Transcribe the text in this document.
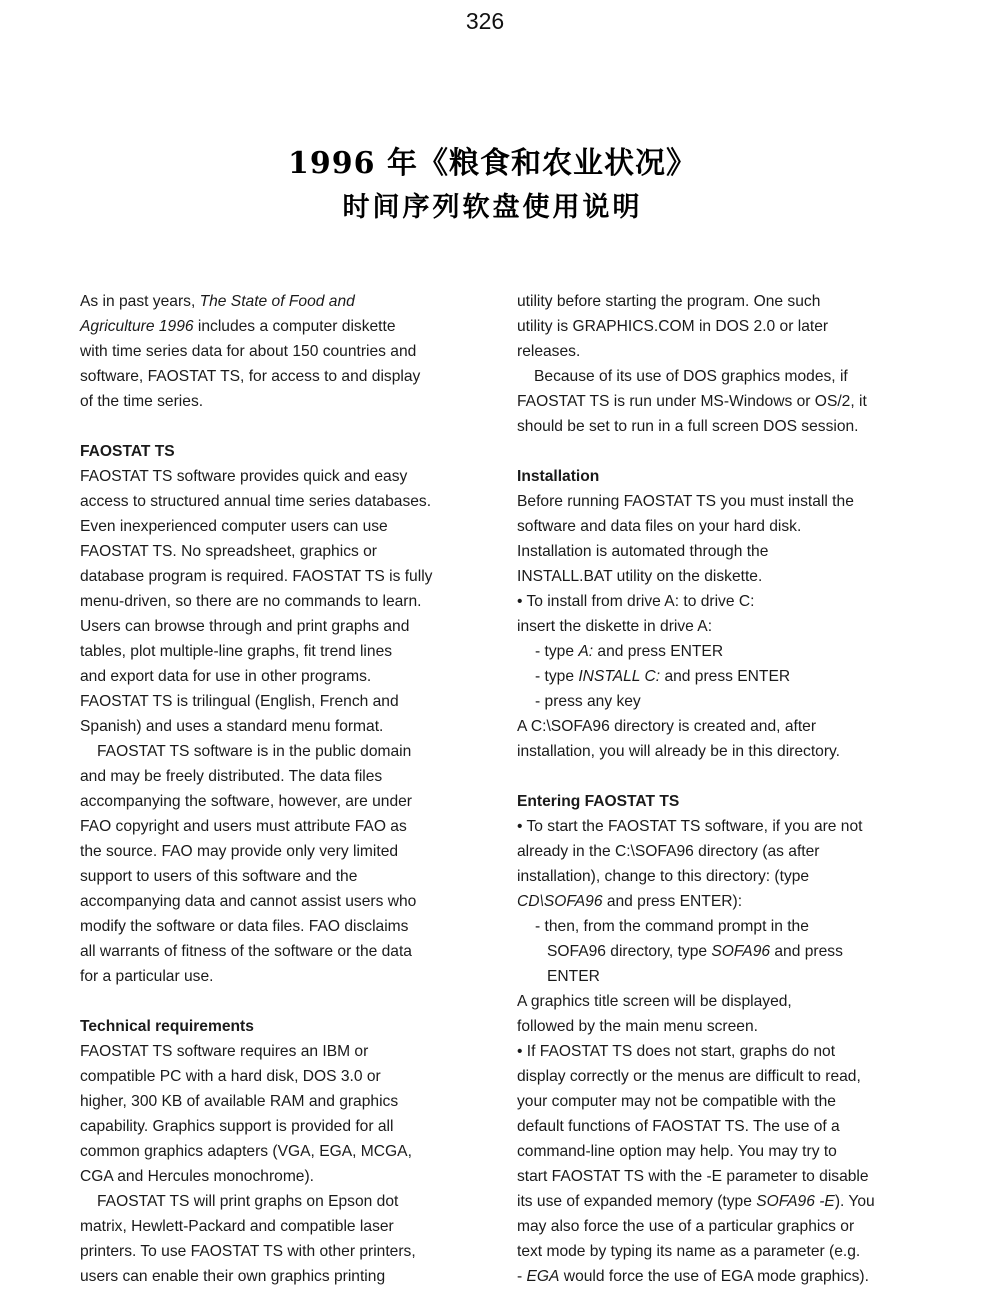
326
1996 年《粮食和农业状况》
时间序列软盘使用说明
As in past years, The State of Food and
Agriculture 1996 includes a computer diskette
with time series data for about 150 countries and
software, FAOSTAT TS, for access to and display
of the time series.
FAOSTAT TS
FAOSTAT TS software provides quick and easy
access to structured annual time series databases.
Even inexperienced computer users can use
FAOSTAT TS. No spreadsheet, graphics or
database program is required. FAOSTAT TS is fully
menu-driven, so there are no commands to learn.
Users can browse through and print graphs and
tables, plot multiple-line graphs, fit trend lines
and export data for use in other programs.
FAOSTAT TS is trilingual (English, French and
Spanish) and uses a standard menu format.
FAOSTAT TS software is in the public domain
and may be freely distributed. The data files
accompanying the software, however, are under
FAO copyright and users must attribute FAO as
the source. FAO may provide only very limited
support to users of this software and the
accompanying data and cannot assist users who
modify the software or data files. FAO disclaims
all warrants of fitness of the software or the data
for a particular use.
Technical requirements
FAOSTAT TS software requires an IBM or
compatible PC with a hard disk, DOS 3.0 or
higher, 300 KB of available RAM and graphics
capability. Graphics support is provided for all
common graphics adapters (VGA, EGA, MCGA,
CGA and Hercules monochrome).
FAOSTAT TS will print graphs on Epson dot
matrix, Hewlett-Packard and compatible laser
printers. To use FAOSTAT TS with other printers,
users can enable their own graphics printing
utility before starting the program. One such
utility is GRAPHICS.COM in DOS 2.0 or later
releases.
Because of its use of DOS graphics modes, if
FAOSTAT TS is run under MS-Windows or OS/2, it
should be set to run in a full screen DOS session.
Installation
Before running FAOSTAT TS you must install the
software and data files on your hard disk.
Installation is automated through the
INSTALL.BAT utility on the diskette.
• To install from drive A: to drive C:
insert the diskette in drive A:
- type A: and press ENTER
- type INSTALL C: and press ENTER
- press any key
A C:\SOFA96 directory is created and, after
installation, you will already be in this directory.
Entering FAOSTAT TS
• To start the FAOSTAT TS software, if you are not
already in the C:\SOFA96 directory (as after
installation), change to this directory: (type
CD\SOFA96 and press ENTER):
- then, from the command prompt in the
SOFA96 directory, type SOFA96 and press
ENTER
A graphics title screen will be displayed,
followed by the main menu screen.
• If FAOSTAT TS does not start, graphs do not
display correctly or the menus are difficult to read,
your computer may not be compatible with the
default functions of FAOSTAT TS. The use of a
command-line option may help. You may try to
start FAOSTAT TS with the -E parameter to disable
its use of expanded memory (type SOFA96 -E). You
may also force the use of a particular graphics or
text mode by typing its name as a parameter (e.g.
- EGA would force the use of EGA mode graphics).
